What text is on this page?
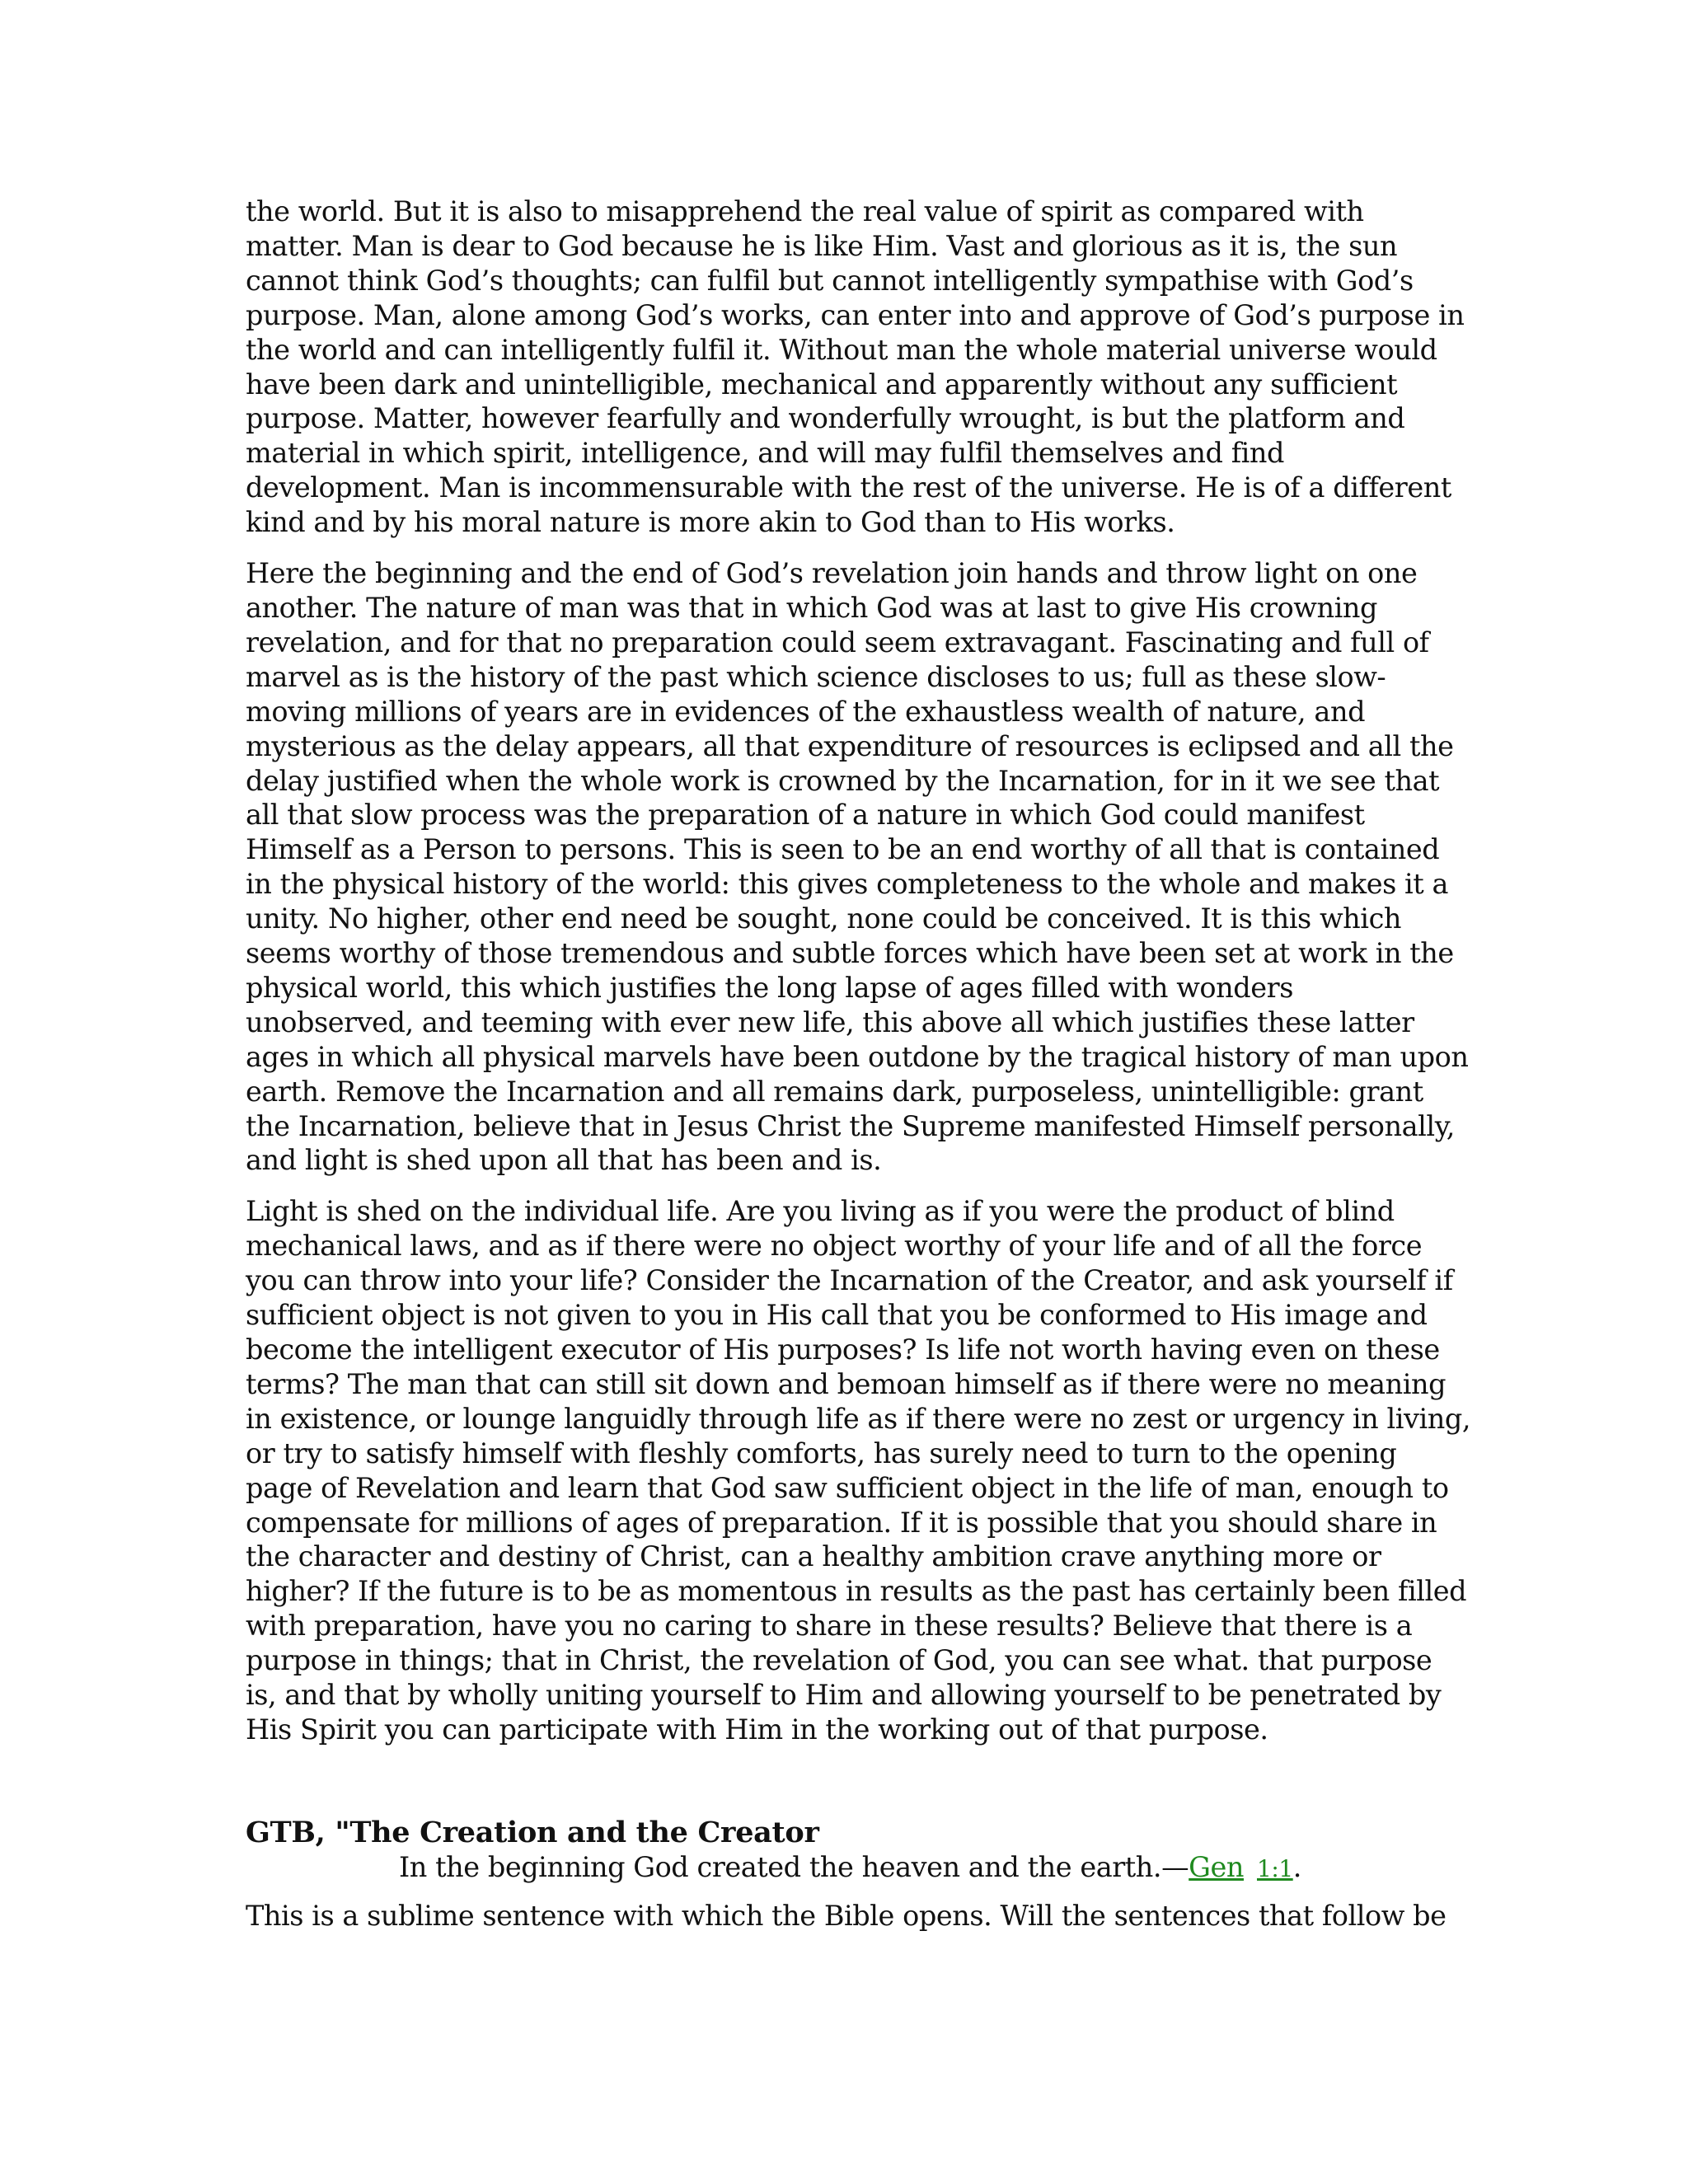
the world. But it is also to misapprehend the real value of spirit as compared with
matter. Man is dear to God because he is like Him. Vast and glorious as it is, the sun
cannot think God’s thoughts; can fulfil but cannot intelligently sympathise with God’s
purpose. Man, alone among God’s works, can enter into and approve of God’s purpose in
the world and can intelligently fulfil it. Without man the whole material universe would
have been dark and unintelligible, mechanical and apparently without any sufficient
purpose. Matter, however fearfully and wonderfully wrought, is but the platform and
material in which spirit, intelligence, and will may fulfil themselves and find
development. Man is incommensurable with the rest of the universe. He is of a different
kind and by his moral nature is more akin to God than to His works.

Here the beginning and the end of God’s revelation join hands and throw light on one
another. The nature of man was that in which God was at last to give His crowning
revelation, and for that no preparation could seem extravagant. Fascinating and full of
marvel as is the history of the past which science discloses to us; full as these slow-
moving millions of years are in evidences of the exhaustless wealth of nature, and
mysterious as the delay appears, all that expenditure of resources is eclipsed and all the
delay justified when the whole work is crowned by the Incarnation, for in it we see that
all that slow process was the preparation of a nature in which God could manifest
Himself as a Person to persons. This is seen to be an end worthy of all that is contained
in the physical history of the world: this gives completeness to the whole and makes it a
unity. No higher, other end need be sought, none could be conceived. It is this which
seems worthy of those tremendous and subtle forces which have been set at work in the
physical world, this which justifies the long lapse of ages filled with wonders
unobserved, and teeming with ever new life, this above all which justifies these latter
ages in which all physical marvels have been outdone by the tragical history of man upon
earth. Remove the Incarnation and all remains dark, purposeless, unintelligible: grant
the Incarnation, believe that in Jesus Christ the Supreme manifested Himself personally,
and light is shed upon all that has been and is.

Light is shed on the individual life. Are you living as if you were the product of blind
mechanical laws, and as if there were no object worthy of your life and of all the force
you can throw into your life? Consider the Incarnation of the Creator, and ask yourself if
sufficient object is not given to you in His call that you be conformed to His image and
become the intelligent executor of His purposes? Is life not worth having even on these
terms? The man that can still sit down and bemoan himself as if there were no meaning
in existence, or lounge languidly through life as if there were no zest or urgency in living,
or try to satisfy himself with fleshly comforts, has surely need to turn to the opening
page of Revelation and learn that God saw sufficient object in the life of man, enough to
compensate for millions of ages of preparation. If it is possible that you should share in
the character and destiny of Christ, can a healthy ambition crave anything more or
higher? If the future is to be as momentous in results as the past has certainly been filled
with preparation, have you no caring to share in these results? Believe that there is a
purpose in things; that in Christ, the revelation of God, you can see what. that purpose
is, and that by wholly uniting yourself to Him and allowing yourself to be penetrated by
His Spirit you can participate with Him in the working out of that purpose.

GTB, "The Creation and the Creator
In the beginning God created the heaven and the earth.—Gen 1:1.
This is a sublime sentence with which the Bible opens. Will the sentences that follow be
